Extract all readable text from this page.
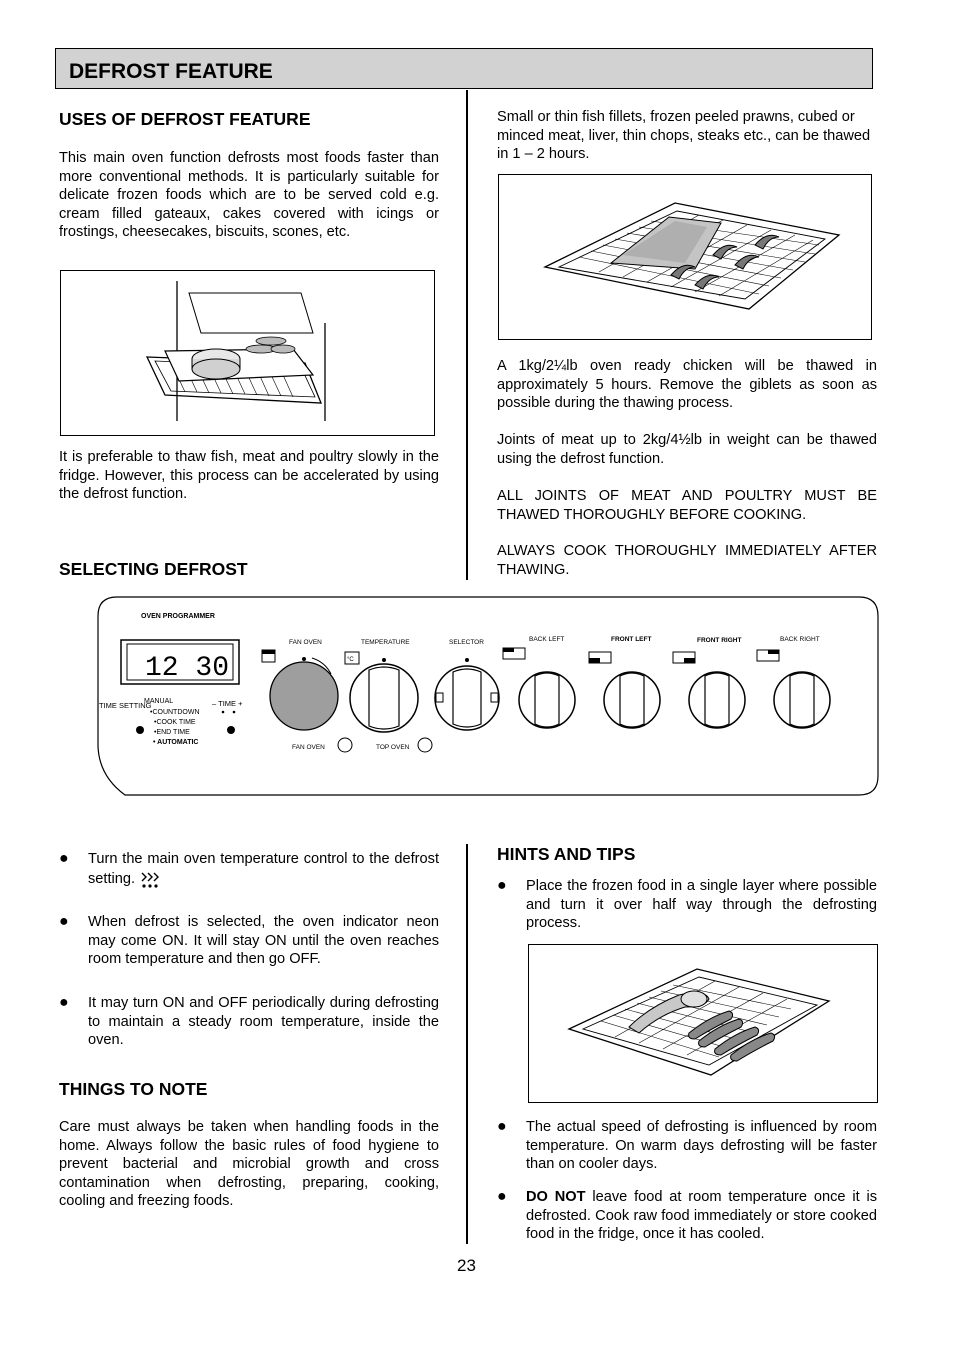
DEFROST FEATURE
USES OF DEFROST FEATURE
This main oven function defrosts most foods faster than more conventional methods. It is particularly suitable for delicate frozen foods which are to be served cold e.g. cream filled gateaux, cakes covered with icings or frostings, cheesecakes, biscuits, scones, etc.
It is preferable to thaw fish, meat and poultry slowly in the fridge. However, this process can be accelerated by using the defrost function.
SELECTING DEFROST
Small or thin fish fillets, frozen peeled prawns, cubed or minced meat, liver, thin chops, steaks etc., can be thawed in 1 – 2 hours.
A 1kg/2¼lb oven ready chicken will be thawed in approximately 5 hours. Remove the giblets as soon as possible during the thawing process.
Joints of meat up to 2kg/4½lb in weight can be thawed using the defrost function.
ALL JOINTS OF MEAT AND POULTRY MUST BE THAWED THOROUGHLY BEFORE COOKING.
ALWAYS COOK THOROUGHLY IMMEDIATELY AFTER THAWING.
OVEN PROGRAMMER
12 30
TIME SETTING
MANUAL
•COUNTDOWN
•COOK TIME
•END TIME
• AUTOMATIC
– TIME +
FAN OVEN	TEMPERATURE
°C
SELECTOR	BACK LEFT	FRONT LEFT	FRONT RIGHT	BACK RIGHT
FAN OVEN	TOP OVEN
● Turn the main oven temperature control to the defrost setting.
● When defrost is selected, the oven indicator neon may come ON. It will stay ON until the oven reaches room temperature and then go OFF.
● It may turn ON and OFF periodically during defrosting to maintain a steady room temperature, inside the oven.
THINGS TO NOTE
Care must always be taken when handling foods in the home. Always follow the basic rules of food hygiene to prevent bacterial and microbial growth and cross contamination when defrosting, preparing, cooking, cooling and freezing foods.
HINTS AND TIPS
● Place the frozen food in a single layer where possible and turn it over half way through the defrosting process.
● The actual speed of defrosting is influenced by room temperature. On warm days defrosting will be faster than on cooler days.
● DO NOT leave food at room temperature once it is defrosted. Cook raw food immediately or store cooked food in the fridge, once it has cooled.
23
